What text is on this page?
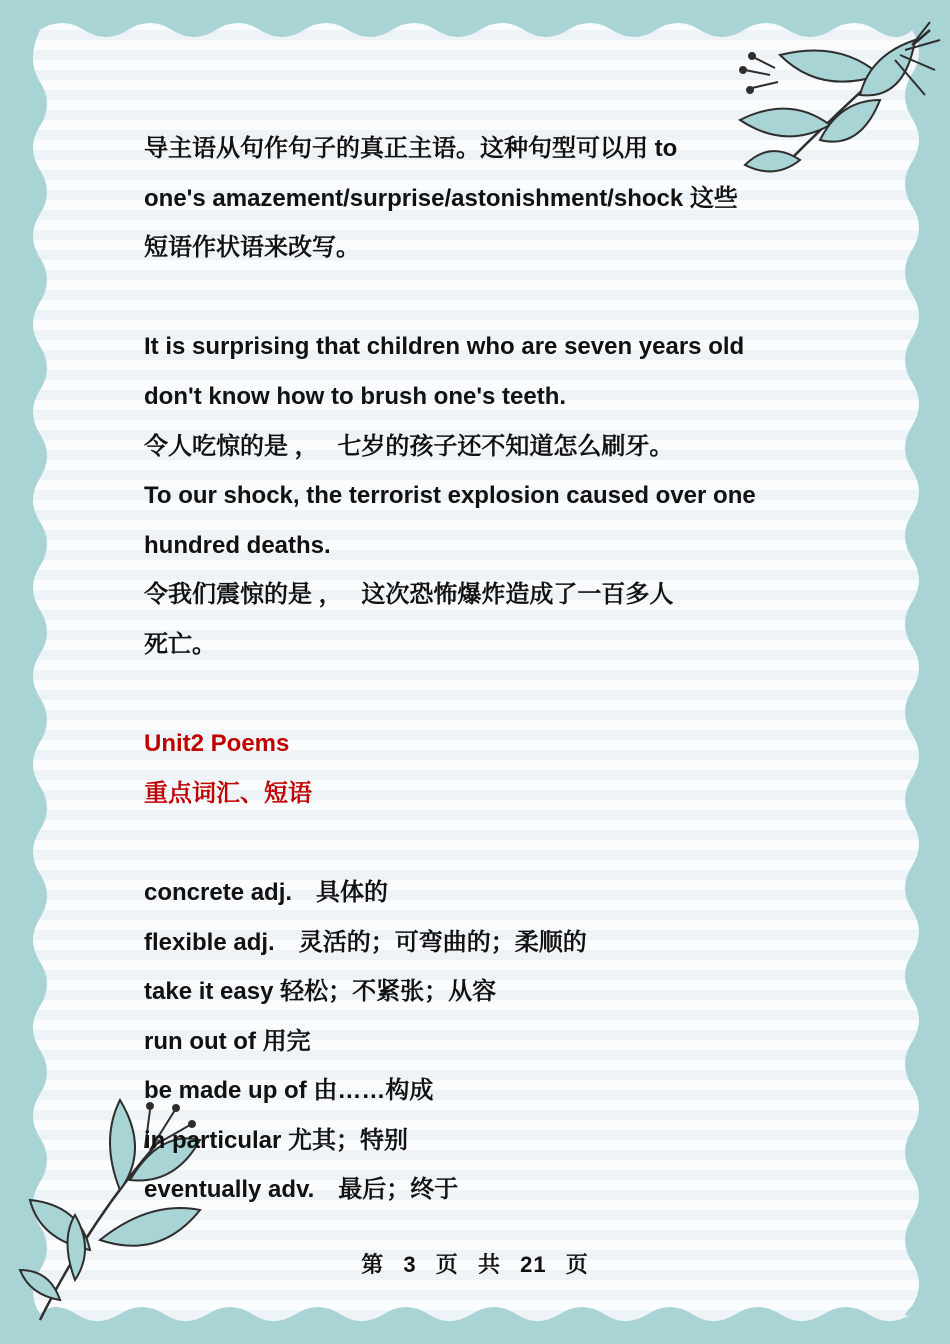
导主语从句作句子的真正主语。这种句型可以用 to
one's amazement/surprise/astonishment/shock 这些
短语作状语来改写。
It is surprising that children who are seven years old
don't know how to brush one's teeth.
令人吃惊的是 ，　 七岁的孩子还不知道怎么刷牙。
To our shock, the terrorist explosion caused over one
hundred deaths.
令我们震惊的是 ，　 这次恐怖爆炸造成了一百多人
死亡。
Unit2 Poems
重点词汇、短语
concrete adj.　具体的
flexible adj.　灵活的；可弯曲的；柔顺的
take it easy 轻松；不紧张；从容
run out of 用完
be made up of 由……构成
in particular 尤其；特别
eventually adv.　最后；终于
第 3 页 共 21 页
